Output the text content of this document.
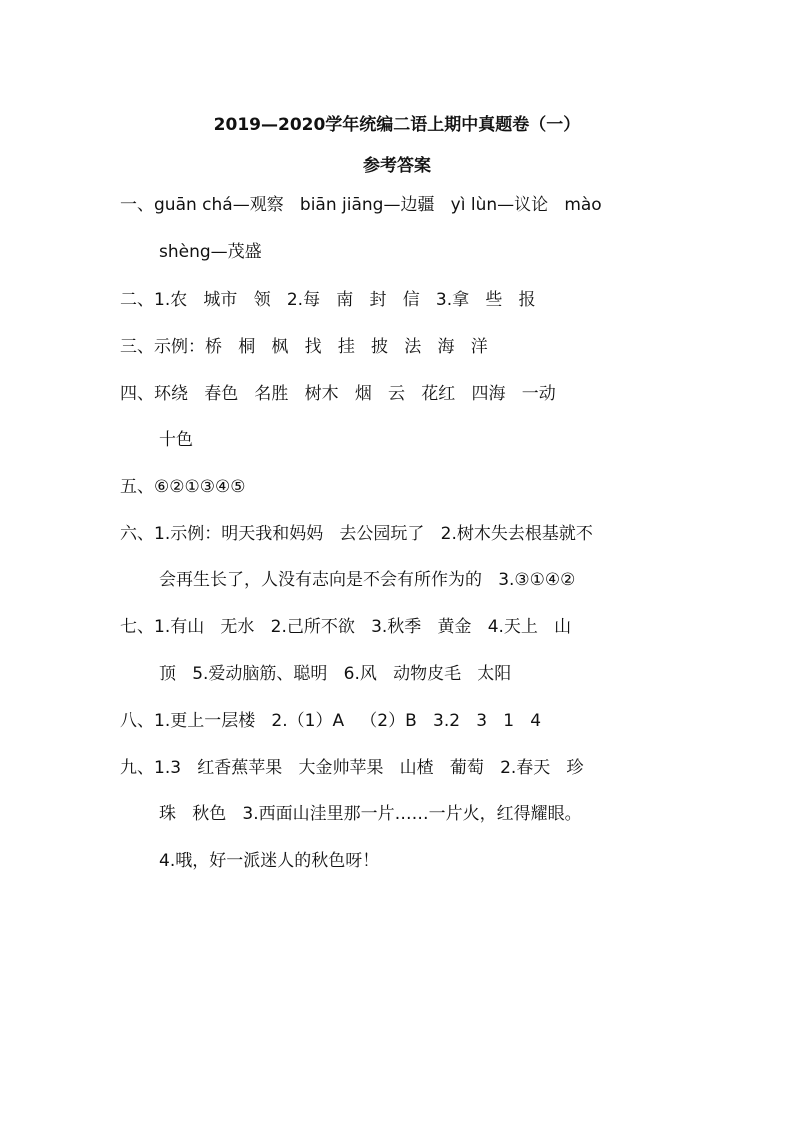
2019—2020学年统编二语上期中真题卷（一）
参考答案
一、guān chá—观察   biān jiāng—边疆   yì lùn—议论   mào
shèng—茂盛
二、1.农   城市   领   2.每   南   封   信   3.拿   些   报
三、示例：桥   桐   枫   找   挂   披   法   海   洋
四、环绕   春色   名胜   树木   烟   云   花红   四海   一动
十色
五、⑥②①③④⑤
六、1.示例：明天我和妈妈   去公园玩了   2.树木失去根基就不
会再生长了，人没有志向是不会有所作为的   3.③①④②
七、1.有山   无水   2.己所不欲   3.秋季   黄金   4.天上   山
顶   5.爱动脑筋、聪明   6.风   动物皮毛   太阳
八、1.更上一层楼   2.（1）A   （2）B   3.2   3   1   4
九、1.3   红香蕉苹果   大金帅苹果   山楂   葡萄   2.春天   珍
珠   秋色   3.西面山洼里那一片……一片火，红得耀眼。
4.哦，好一派迷人的秋色呀！
